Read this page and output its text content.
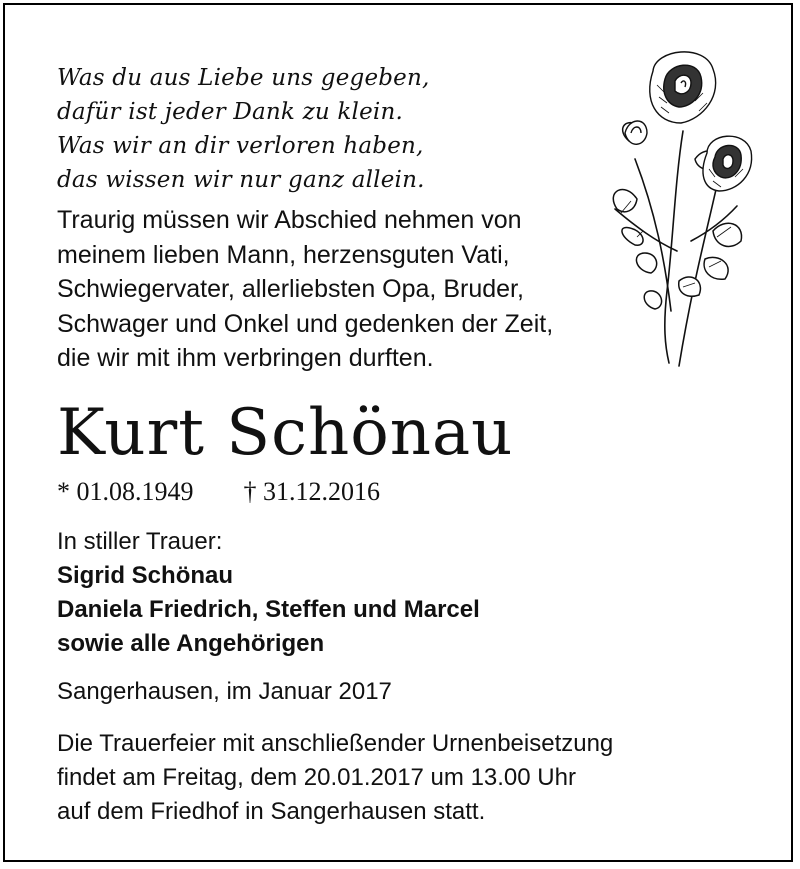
Was du aus Liebe uns gegeben,
dafür ist jeder Dank zu klein.
Was wir an dir verloren haben,
das wissen wir nur ganz allein.
Traurig müssen wir Abschied nehmen von
meinem lieben Mann, herzensguten Vati,
Schwiegervater, allerliebsten Opa, Bruder,
Schwager und Onkel und gedenken der Zeit,
die wir mit ihm verbringen durften.
Kurt Schönau
* 01.08.1949 † 31.12.2016
In stiller Trauer:
Sigrid Schönau
Daniela Friedrich, Steffen und Marcel
sowie alle Angehörigen
Sangerhausen, im Januar 2017
Die Trauerfeier mit anschließender Urnenbeisetzung
findet am Freitag, dem 20.01.2017 um 13.00 Uhr
auf dem Friedhof in Sangerhausen statt.
